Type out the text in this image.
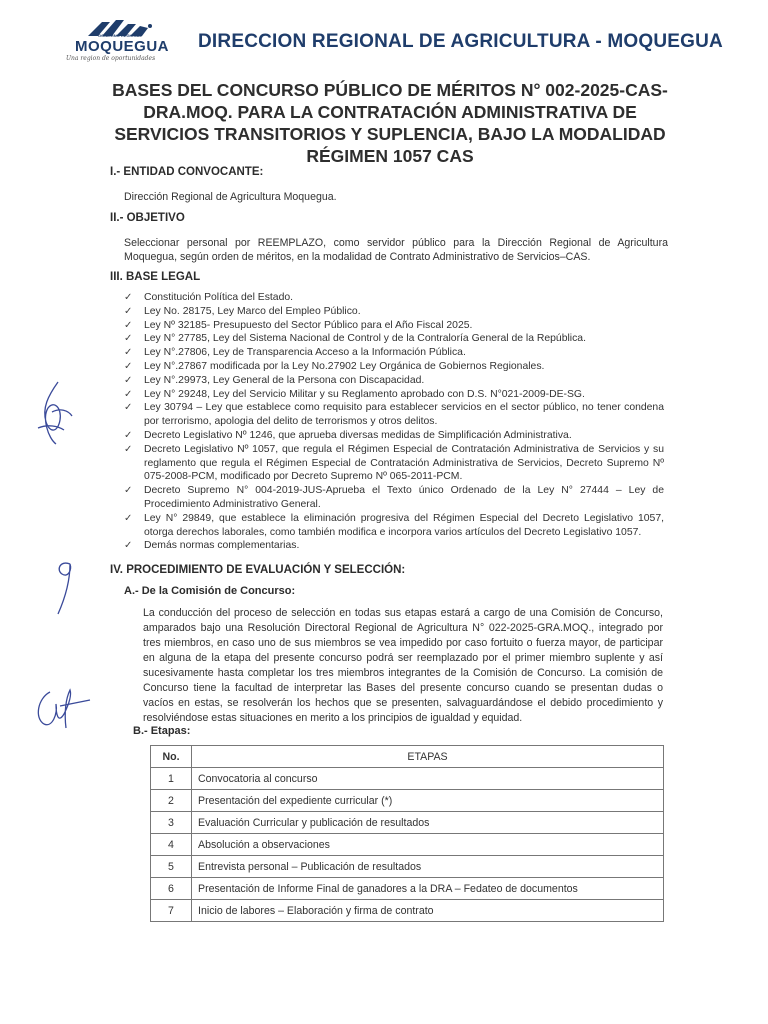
GOBIERNO REGIONAL
MOQUEGUA
Una region de oportunidades
DIRECCION REGIONAL DE AGRICULTURA - MOQUEGUA
BASES DEL CONCURSO PÚBLICO DE MÉRITOS N° 002-2025-CAS-DRA.MOQ. PARA LA CONTRATACIÓN ADMINISTRATIVA DE SERVICIOS TRANSITORIOS Y SUPLENCIA, BAJO LA MODALIDAD RÉGIMEN 1057 CAS
I.- ENTIDAD CONVOCANTE:
Dirección Regional de Agricultura Moquegua.
II.- OBJETIVO
Seleccionar personal por REEMPLAZO, como servidor público para la Dirección Regional de Agricultura Moquegua, según orden de méritos, en la modalidad de Contrato Administrativo de Servicios–CAS.
III. BASE LEGAL
✓ Constitución Política del Estado.
✓ Ley No. 28175, Ley Marco del Empleo Público.
✓ Ley Nº 32185- Presupuesto del Sector Público para el Año Fiscal 2025.
✓ Ley N° 27785, Ley del Sistema Nacional de Control y de la Contraloría General de la República.
✓ Ley N°.27806, Ley de Transparencia Acceso a la Información Pública.
✓ Ley N°.27867 modificada por la Ley No.27902 Ley Orgánica de Gobiernos Regionales.
✓ Ley N°.29973, Ley General de la Persona con Discapacidad.
✓ Ley N° 29248, Ley del Servicio Militar y su Reglamento aprobado con D.S. N°021-2009-DE-SG.
✓ Ley 30794 – Ley que establece como requisito para establecer servicios en el sector público, no tener condena por terrorismo, apologia del delito de terrorismos y otros delitos.
✓ Decreto Legislativo Nº 1246, que aprueba diversas medidas de Simplificación Administrativa.
✓ Decreto Legislativo Nº 1057, que regula el Régimen Especial de Contratación Administrativa de Servicios y su reglamento que regula el Régimen Especial de Contratación Administrativa de Servicios, Decreto Supremo Nº 075-2008-PCM, modificado por Decreto Supremo Nº 065-2011-PCM.
✓ Decreto Supremo N° 004-2019-JUS-Aprueba el Texto único Ordenado de la Ley N° 27444 – Ley de Procedimiento Administrativo General.
✓ Ley N° 29849, que establece la eliminación progresiva del Régimen Especial del Decreto Legislativo 1057, otorga derechos laborales, como también modifica e incorpora varios artículos del Decreto Legislativo 1057.
✓ Demás normas complementarias.
IV. PROCEDIMIENTO DE EVALUACIÓN Y SELECCIÓN:
A.- De la Comisión de Concurso:
La conducción del proceso de selección en todas sus etapas estará a cargo de una Comisión de Concurso, amparados bajo una Resolución Directoral Regional de Agricultura N° 022-2025-GRA.MOQ., integrado por tres miembros, en caso uno de sus miembros se vea impedido por caso fortuito o fuerza mayor, de participar en alguna de la etapa del presente concurso podrá ser reemplazado por el primer miembro suplente y así sucesivamente hasta completar los tres miembros integrantes de la Comisión de Concurso. La comisión de Concurso tiene la facultad de interpretar las Bases del presente concurso cuando se presentan dudas o vacíos en estas, se resolverán los hechos que se presenten, salvaguardándose el debido procedimiento y resolviéndose estas situaciones en merito a los principios de igualdad y equidad.
B.- Etapas:
No.	ETAPAS
1	Convocatoria al concurso
2	Presentación del expediente curricular (*)
3	Evaluación Curricular y publicación de resultados
4	Absolución a observaciones
5	Entrevista personal – Publicación de resultados
6	Presentación de Informe Final de ganadores a la DRA – Fedateo de documentos
7	Inicio de labores – Elaboración y firma de contrato
